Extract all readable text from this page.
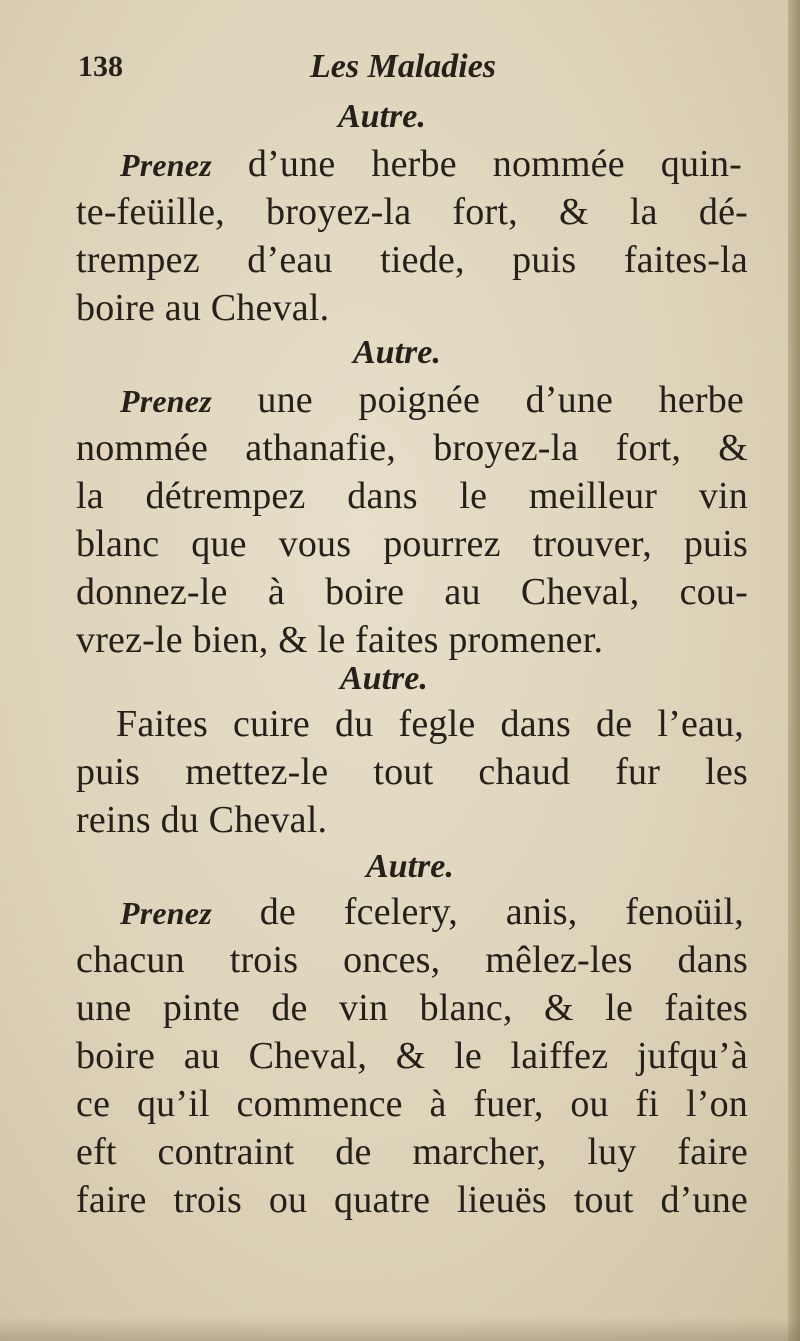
138	Les Maladies
Autre.
Prenez d’une herbe nommée quin-
te-feüille, broyez-la fort, & la dé-
trempez d’eau tiede, puis faites-la
boire au Cheval.
Autre.
Prenez une poignée d’une herbe
nommée athanafie, broyez-la fort, &
la détrempez dans le meilleur vin
blanc que vous pourrez trouver, puis
donnez-le à boire au Cheval, cou-
vrez-le bien, & le faites promener.
Autre.
Faites cuire du fegle dans de l’eau,
puis mettez-le tout chaud fur les
reins du Cheval.
Autre.
Prenez de fcelery, anis, fenoüil,
chacun trois onces, mêlez-les dans
une pinte de vin blanc, & le faites
boire au Cheval, & le laiffez jufqu’à
ce qu’il commence à fuer, ou fi l’on
eft contraint de marcher, luy faire
faire trois ou quatre lieuës tout d’une
